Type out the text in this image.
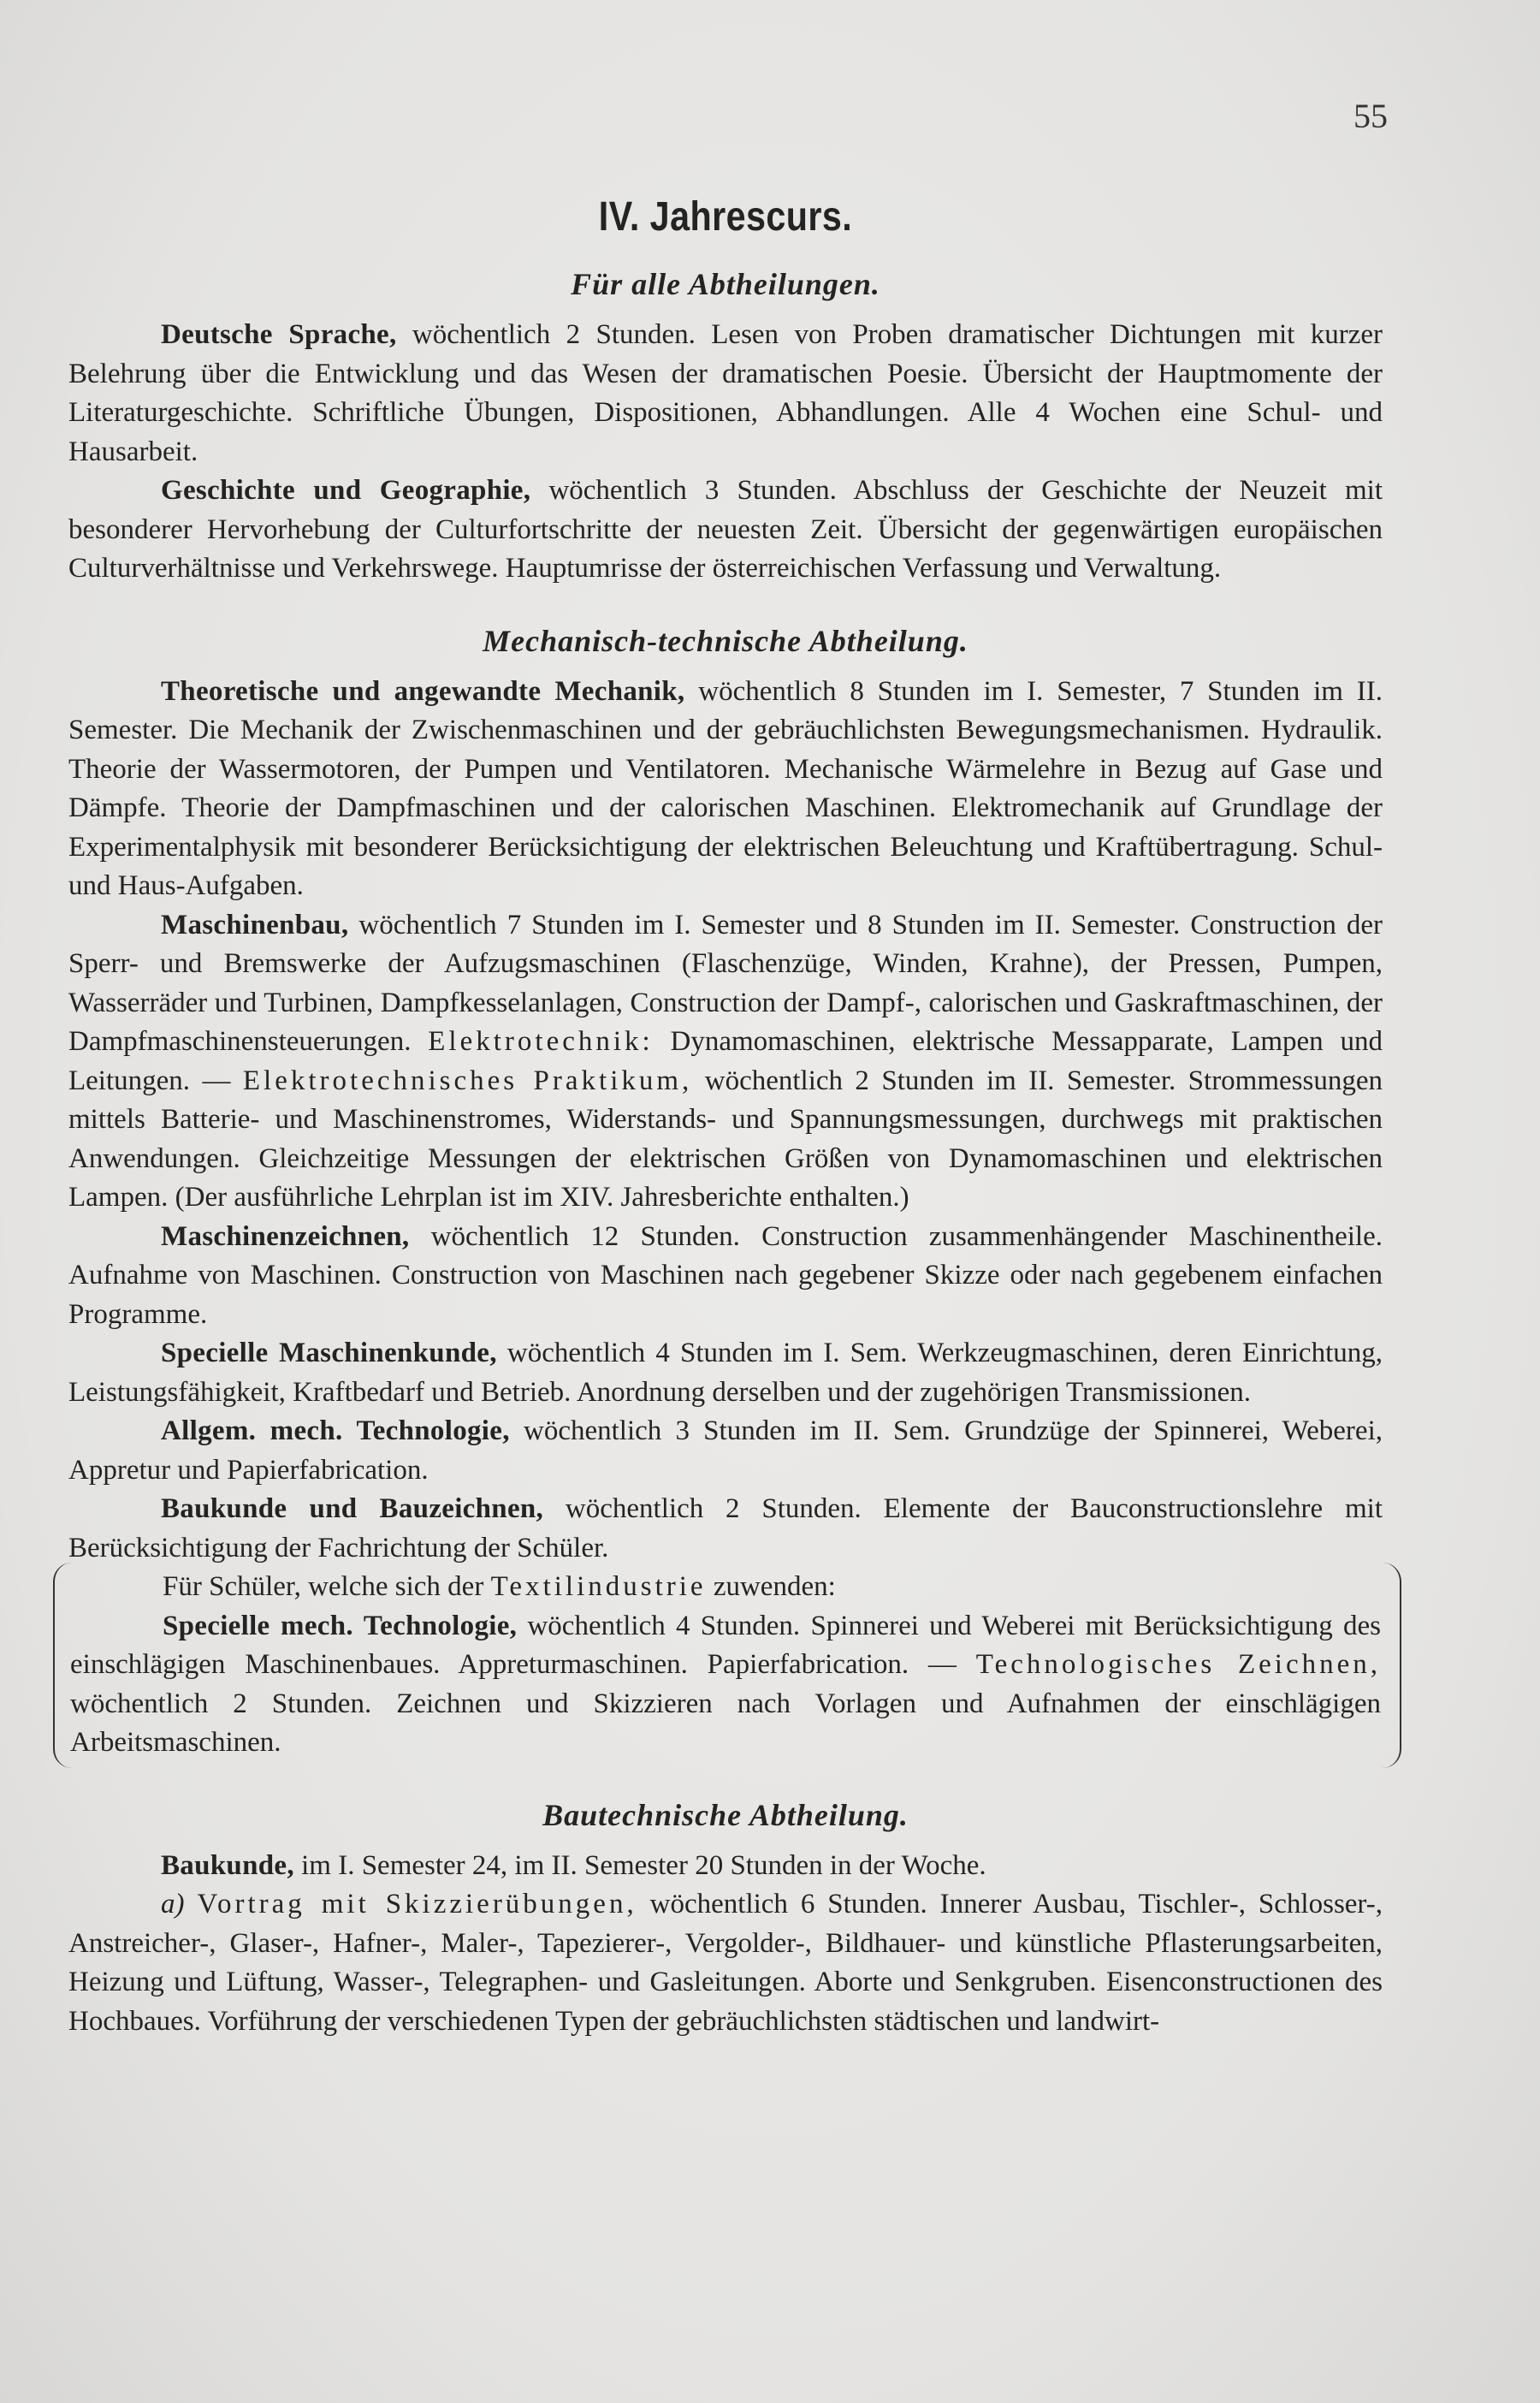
55
IV. Jahrescurs.
Für alle Abtheilungen.

Deutsche Sprache, wöchentlich 2 Stunden. Lesen von Proben dramatischer Dichtungen mit kurzer Belehrung über die Entwicklung und das Wesen der dramatischen Poesie. Übersicht der Hauptmomente der Literaturgeschichte. Schriftliche Übungen, Dispositionen, Abhandlungen. Alle 4 Wochen eine Schul- und Hausarbeit.

Geschichte und Geographie, wöchentlich 3 Stunden. Abschluss der Geschichte der Neuzeit mit besonderer Hervorhebung der Culturfortschritte der neuesten Zeit. Übersicht der gegenwärtigen europäischen Culturverhältnisse und Verkehrswege. Hauptumrisse der österreichischen Verfassung und Verwaltung.

Mechanisch-technische Abtheilung.

Theoretische und angewandte Mechanik, wöchentlich 8 Stunden im I. Semester, 7 Stunden im II. Semester. Die Mechanik der Zwischenmaschinen und der gebräuchlichsten Bewegungsmechanismen. Hydraulik. Theorie der Wassermotoren, der Pumpen und Ventilatoren. Mechanische Wärmelehre in Bezug auf Gase und Dämpfe. Theorie der Dampfmaschinen und der calorischen Maschinen. Elektromechanik auf Grundlage der Experimentalphysik mit besonderer Berücksichtigung der elektrischen Beleuchtung und Kraftübertragung. Schul- und Haus-Aufgaben.

Maschinenbau, wöchentlich 7 Stunden im I. Semester und 8 Stunden im II. Semester. Construction der Sperr- und Bremswerke der Aufzugsmaschinen (Flaschenzüge, Winden, Krahne), der Pressen, Pumpen, Wasserräder und Turbinen, Dampfkesselanlagen, Construction der Dampf-, calorischen und Gaskraftmaschinen, der Dampfmaschinensteuerungen. Elektrotechnik: Dynamomaschinen, elektrische Messapparate, Lampen und Leitungen. — Elektrotechnisches Praktikum, wöchentlich 2 Stunden im II. Semester. Strommessungen mittels Batterie- und Maschinenstromes, Widerstands- und Spannungsmessungen, durchwegs mit praktischen Anwendungen. Gleichzeitige Messungen der elektrischen Größen von Dynamomaschinen und elektrischen Lampen. (Der ausführliche Lehrplan ist im XIV. Jahresberichte enthalten.)

Maschinenzeichnen, wöchentlich 12 Stunden. Construction zusammenhängender Maschinentheile. Aufnahme von Maschinen. Construction von Maschinen nach gegebener Skizze oder nach gegebenem einfachen Programme.

Specielle Maschinenkunde, wöchentlich 4 Stunden im I. Sem. Werkzeugmaschinen, deren Einrichtung, Leistungsfähigkeit, Kraftbedarf und Betrieb. Anordnung derselben und der zugehörigen Transmissionen.

Allgem. mech. Technologie, wöchentlich 3 Stunden im II. Sem. Grundzüge der Spinnerei, Weberei, Appretur und Papierfabrication.

Baukunde und Bauzeichnen, wöchentlich 2 Stunden. Elemente der Bauconstructionslehre mit Berücksichtigung der Fachrichtung der Schüler.

Für Schüler, welche sich der Textilindustrie zuwenden:

Specielle mech. Technologie, wöchentlich 4 Stunden. Spinnerei und Weberei mit Berücksichtigung des einschlägigen Maschinenbaues. Appreturmaschinen. Papierfabrication. — Technologisches Zeichnen, wöchentlich 2 Stunden. Zeichnen und Skizzieren nach Vorlagen und Aufnahmen der einschlägigen Arbeitsmaschinen.

Bautechnische Abtheilung.

Baukunde, im I. Semester 24, im II. Semester 20 Stunden in der Woche.

a) Vortrag mit Skizzierübungen, wöchentlich 6 Stunden. Innerer Ausbau, Tischler-, Schlosser-, Anstreicher-, Glaser-, Hafner-, Maler-, Tapezierer-, Vergolder-, Bildhauer- und künstliche Pflasterungsarbeiten, Heizung und Lüftung, Wasser-, Telegraphen- und Gasleitungen. Aborte und Senkgruben. Eisenconstructionen des Hochbaues. Vorführung der verschiedenen Typen der gebräuchlichsten städtischen und landwirt-
